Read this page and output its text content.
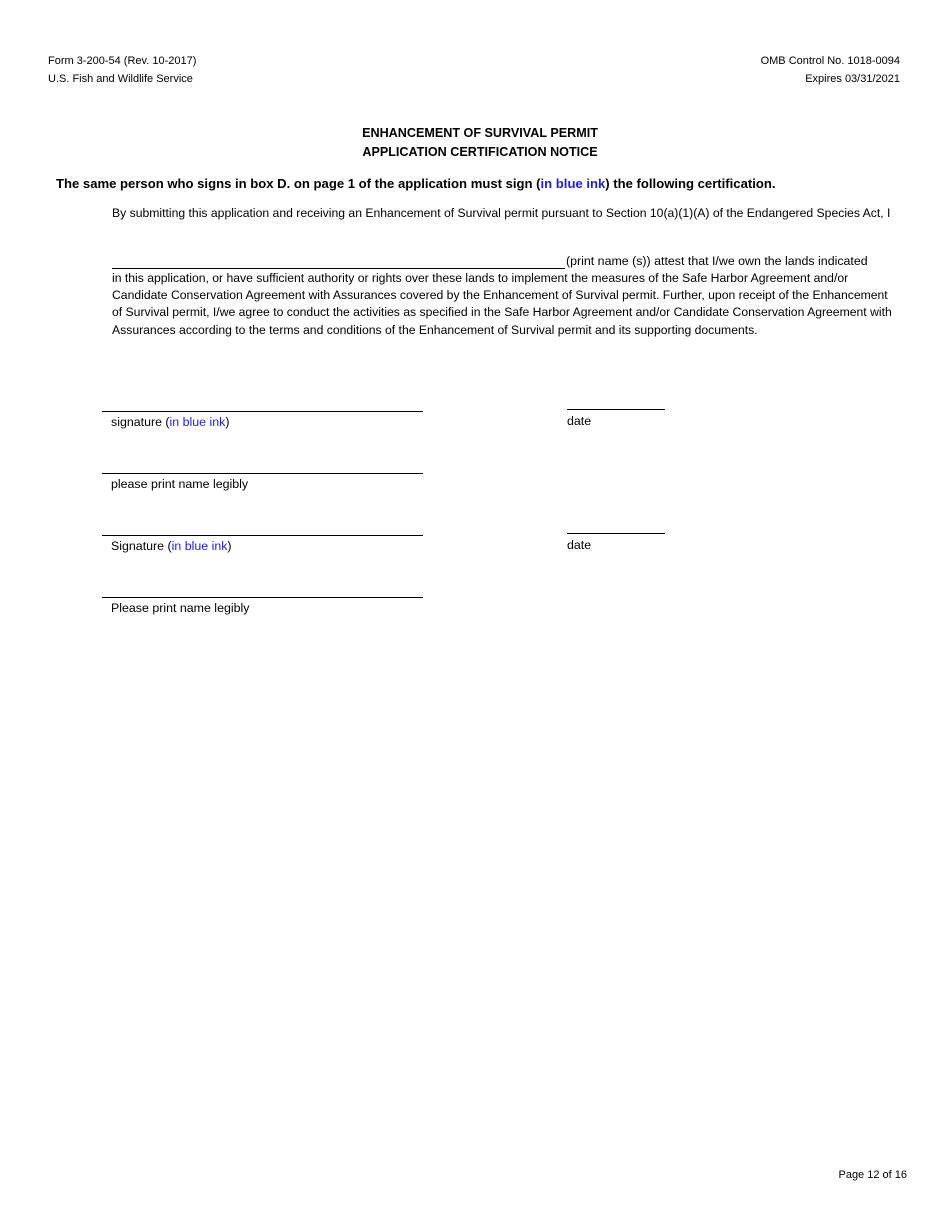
Form 3-200-54 (Rev. 10-2017)
U.S. Fish and Wildlife Service
OMB Control No. 1018-0094
Expires 03/31/2021
ENHANCEMENT OF SURVIVAL PERMIT
APPLICATION CERTIFICATION NOTICE
The same person who signs in box D. on page 1 of the application must sign (in blue ink) the following certification.
By submitting this application and receiving an Enhancement of Survival permit pursuant to Section 10(a)(1)(A) of the Endangered Species Act, I
(print name (s)) attest that I/we own the lands indicated
in this application, or have sufficient authority or rights over these lands to implement the measures of the Safe Harbor Agreement and/or Candidate Conservation Agreement with Assurances covered by the Enhancement of Survival permit. Further, upon receipt of the Enhancement of Survival permit, I/we agree to conduct the activities as specified in the Safe Harbor Agreement and/or Candidate Conservation Agreement with Assurances according to the terms and conditions of the Enhancement of Survival permit and its supporting documents.
signature (in blue ink)	date
please print name legibly
Signature (in blue ink)	date
Please print name legibly
Page 12 of 16
